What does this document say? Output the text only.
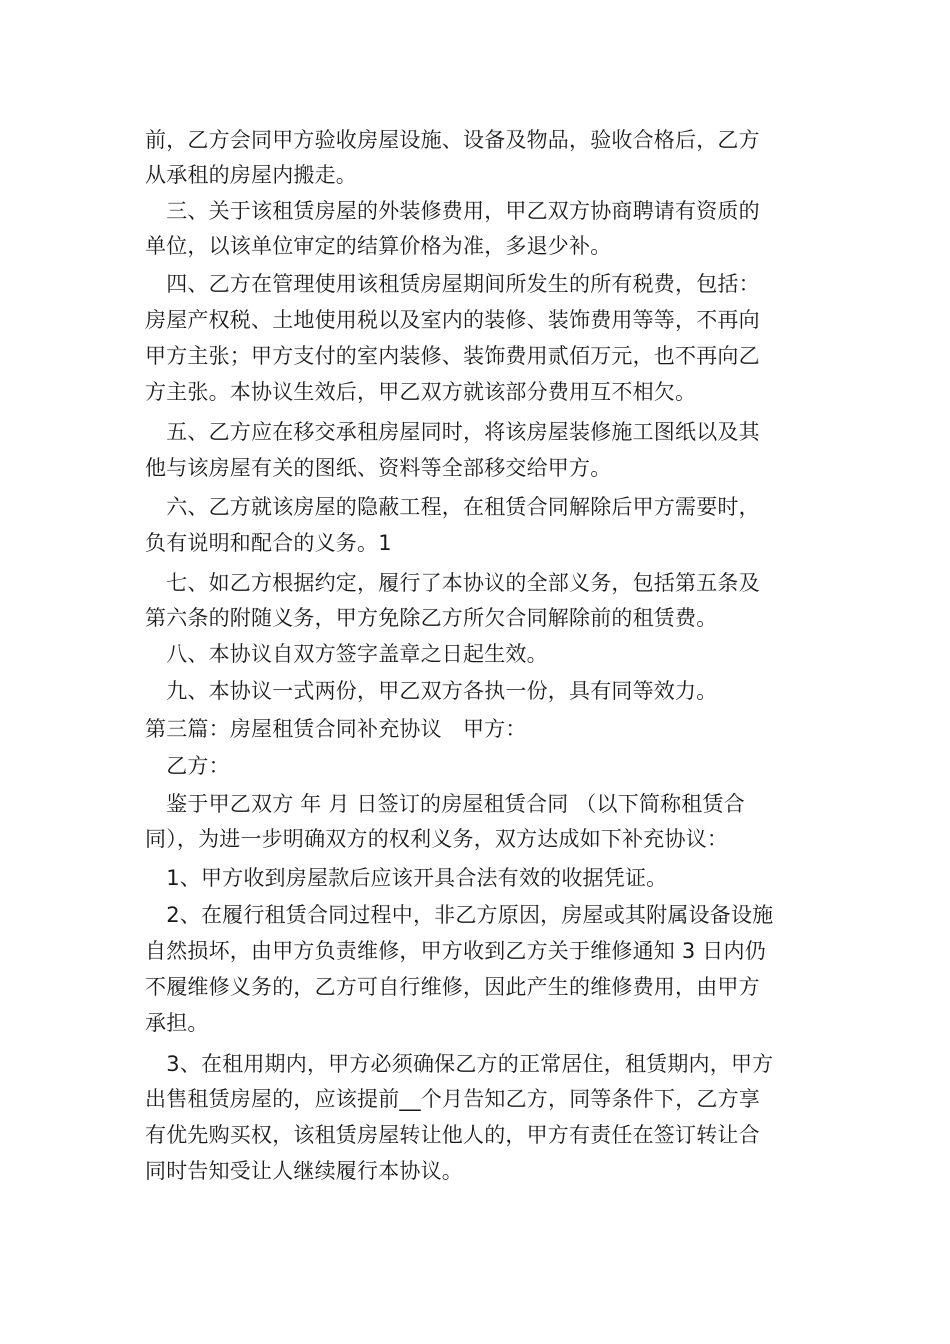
前，乙方会同甲方验收房屋设施、设备及物品，验收合格后，乙方
从承租的房屋内搬走。
　三、关于该租赁房屋的外装修费用，甲乙双方协商聘请有资质的
单位，以该单位审定的结算价格为准，多退少补。
　四、乙方在管理使用该租赁房屋期间所发生的所有税费，包括：
房屋产权税、土地使用税以及室内的装修、装饰费用等等，不再向
甲方主张；甲方支付的室内装修、装饰费用贰佰万元，也不再向乙
方主张。本协议生效后，甲乙双方就该部分费用互不相欠。
　五、乙方应在移交承租房屋同时，将该房屋装修施工图纸以及其
他与该房屋有关的图纸、资料等全部移交给甲方。
　六、乙方就该房屋的隐蔽工程，在租赁合同解除后甲方需要时，
负有说明和配合的义务。1
　七、如乙方根据约定，履行了本协议的全部义务，包括第五条及
第六条的附随义务，甲方免除乙方所欠合同解除前的租赁费。
　八、本协议自双方签字盖章之日起生效。
　九、本协议一式两份，甲乙双方各执一份，具有同等效力。
第三篇：房屋租赁合同补充协议　甲方：
　乙方：
　鉴于甲乙双方 年 月 日签订的房屋租赁合同 （以下简称租赁合
同），为进一步明确双方的权利义务，双方达成如下补充协议：
　1、甲方收到房屋款后应该开具合法有效的收据凭证。
　2、在履行租赁合同过程中，非乙方原因，房屋或其附属设备设施
自然损坏，由甲方负责维修，甲方收到乙方关于维修通知 3 日内仍
不履维修义务的，乙方可自行维修，因此产生的维修费用，由甲方
承担。
　3、在租用期内，甲方必须确保乙方的正常居住，租赁期内，甲方
出售租赁房屋的，应该提前__个月告知乙方，同等条件下，乙方享
有优先购买权，该租赁房屋转让他人的，甲方有责任在签订转让合
同时告知受让人继续履行本协议。
